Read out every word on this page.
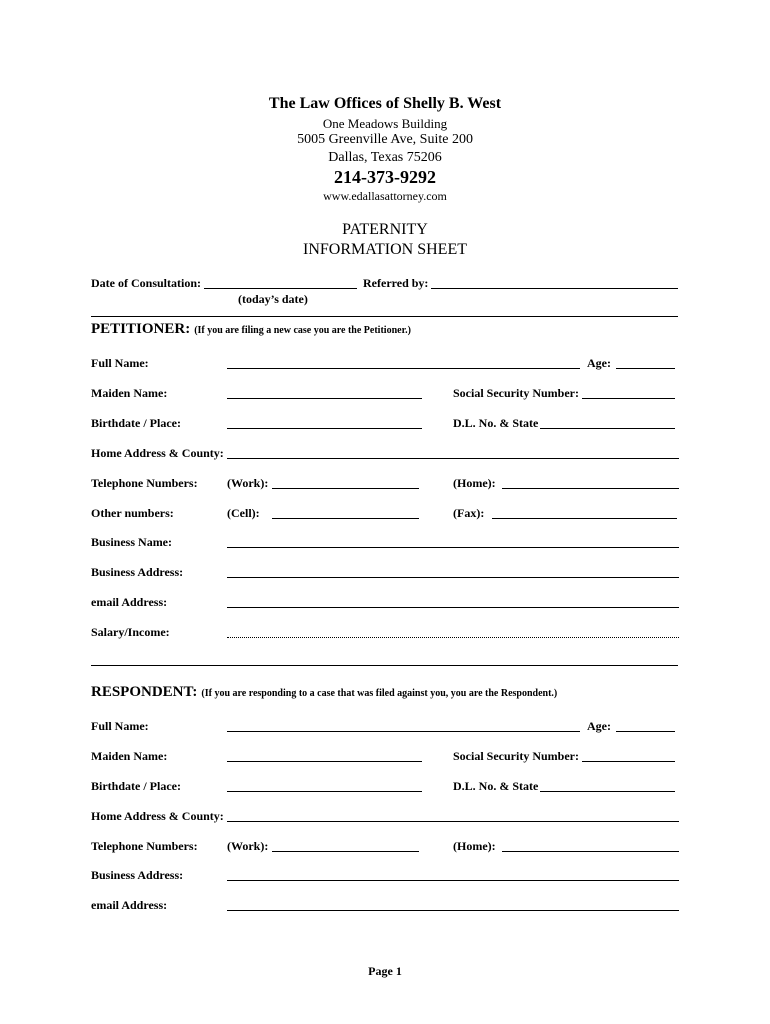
The Law Offices of Shelly B. West
One Meadows Building
5005 Greenville Ave, Suite 200
Dallas, Texas 75206
214-373-9292
www.edallasattorney.com
PATERNITY
INFORMATION SHEET
Date of Consultation:	Referred by:
(today’s date)
PETITIONER: (If you are filing a new case you are the Petitioner.)
Full Name:	Age:
Maiden Name:	Social Security Number:
Birthdate / Place:	D.L. No. & State
Home Address & County:
Telephone Numbers: (Work):	(Home):
Other numbers:	(Cell):	(Fax):
Business Name:
Business Address:
email Address:
Salary/Income:
RESPONDENT: (If you are responding to a case that was filed against you, you are the Respondent.)
Full Name:	Age:
Maiden Name:	Social Security Number:
Birthdate / Place:	D.L. No. & State
Home Address & County:
Telephone Numbers: (Work):	(Home):
Business Address:
email Address:
Page 1
